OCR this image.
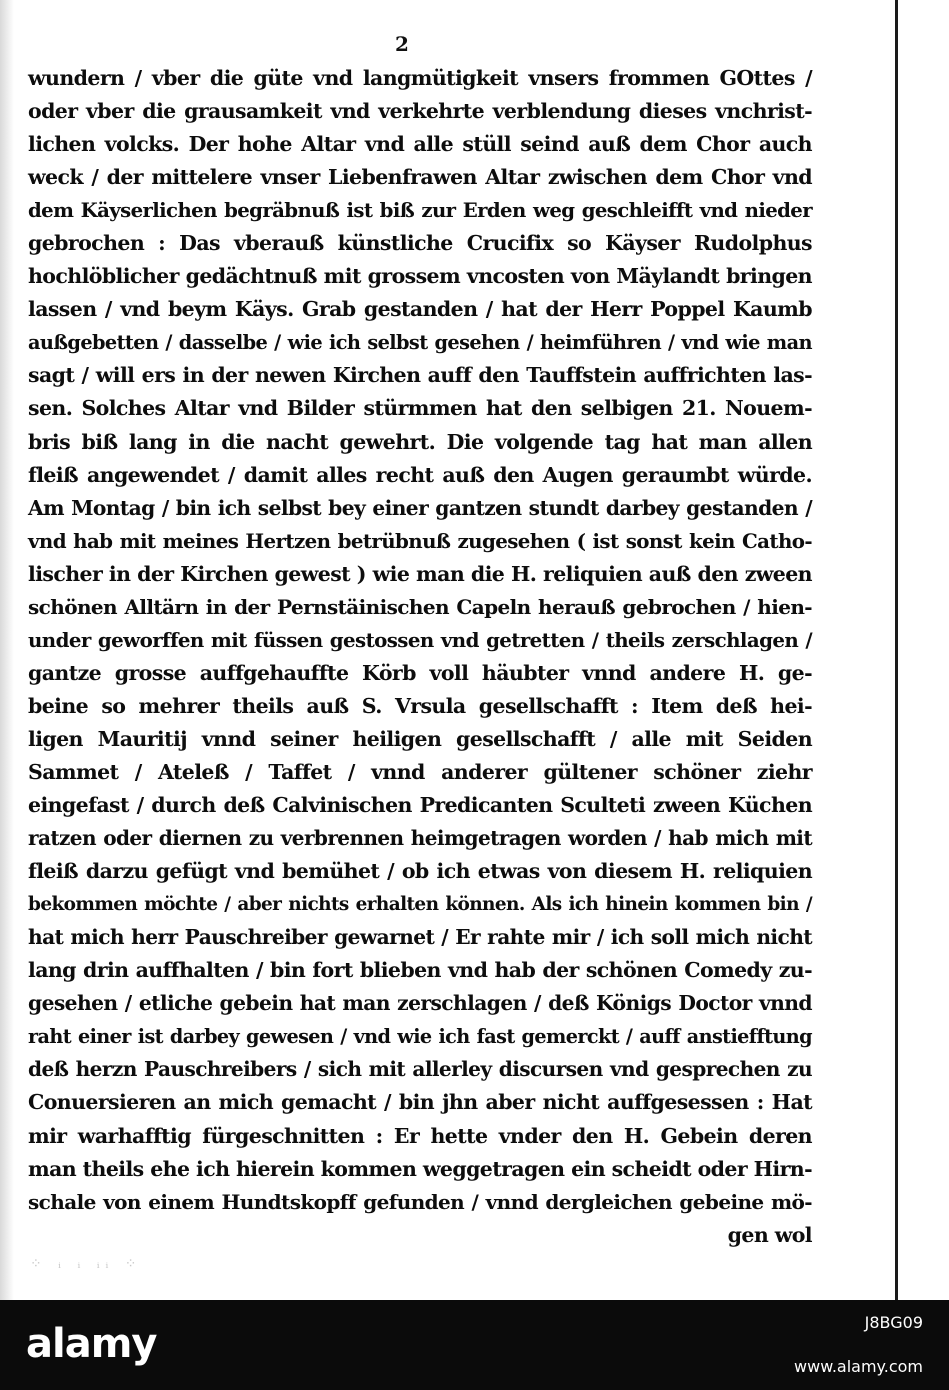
2
wundern / vber die güte vnd langmütigkeit vnsers frommen GOttes /
oder vber die grausamkeit vnd verkehrte verblendung dieses vnchrist-
lichen volcks. Der hohe Altar vnd alle stüll seind auß dem Chor auch
weck / der mittelere vnser Liebenfrawen Altar zwischen dem Chor vnd
dem Käyserlichen begräbnuß ist biß zur Erden weg geschleifft vnd nieder
gebrochen : Das vberauß künstliche Crucifix so Käyser Rudolphus
hochlöblicher gedächtnuß mit grossem vncosten von Mäylandt bringen
lassen / vnd beym Käys. Grab gestanden / hat der Herr Poppel Kaumb
außgebetten / dasselbe / wie ich selbst gesehen / heimführen / vnd wie man
sagt / will ers in der newen Kirchen auff den Tauffstein auffrichten las-
sen. Solches Altar vnd Bilder stürmmen hat den selbigen 21. Nouem-
bris biß lang in die nacht gewehrt. Die volgende tag hat man allen
fleiß angewendet / damit alles recht auß den Augen geraumbt würde.
Am Montag / bin ich selbst bey einer gantzen stundt darbey gestanden /
vnd hab mit meines Hertzen betrübnuß zugesehen ( ist sonst kein Catho-
lischer in der Kirchen gewest ) wie man die H. reliquien auß den zween
schönen Alltärn in der Pernstäinischen Capeln herauß gebrochen / hien-
under geworffen mit füssen gestossen vnd getretten / theils zerschlagen /
gantze grosse auffgehauffte Körb voll häubter vnnd andere H. ge-
beine so mehrer theils auß S. Vrsula gesellschafft : Item deß hei-
ligen Mauritij vnnd seiner heiligen gesellschafft / alle mit Seiden
Sammet / Ateleß / Taffet / vnnd anderer gültener schöner ziehr
eingefast / durch deß Calvinischen Predicanten Sculteti zween Küchen
ratzen oder diernen zu verbrennen heimgetragen worden / hab mich mit
fleiß darzu gefügt vnd bemühet / ob ich etwas von diesem H. reliquien
bekommen möchte / aber nichts erhalten können. Als ich hinein kommen bin /
hat mich herr Pauschreiber gewarnet / Er rahte mir / ich soll mich nicht
lang drin auffhalten / bin fort blieben vnd hab der schönen Comedy zu-
gesehen / etliche gebein hat man zerschlagen / deß Königs Doctor vnnd
raht einer ist darbey gewesen / vnd wie ich fast gemerckt / auff anstiefftung
deß herzn Pauschreibers / sich mit allerley discursen vnd gesprechen zu
Conuersieren an mich gemacht / bin jhn aber nicht auffgesessen : Hat
mir warhafftig fürgeschnitten : Er hette vnder den H. Gebein deren
man theils ehe ich hierein kommen weggetragen ein scheidt oder Hirn-
schale von einem Hundtskopff gefunden / vnnd dergleichen gebeine mö-
gen wol
⁘ ᵢ ᵢ ᵢᵢ ⁘
alamy	J8BG09
www.alamy.com
